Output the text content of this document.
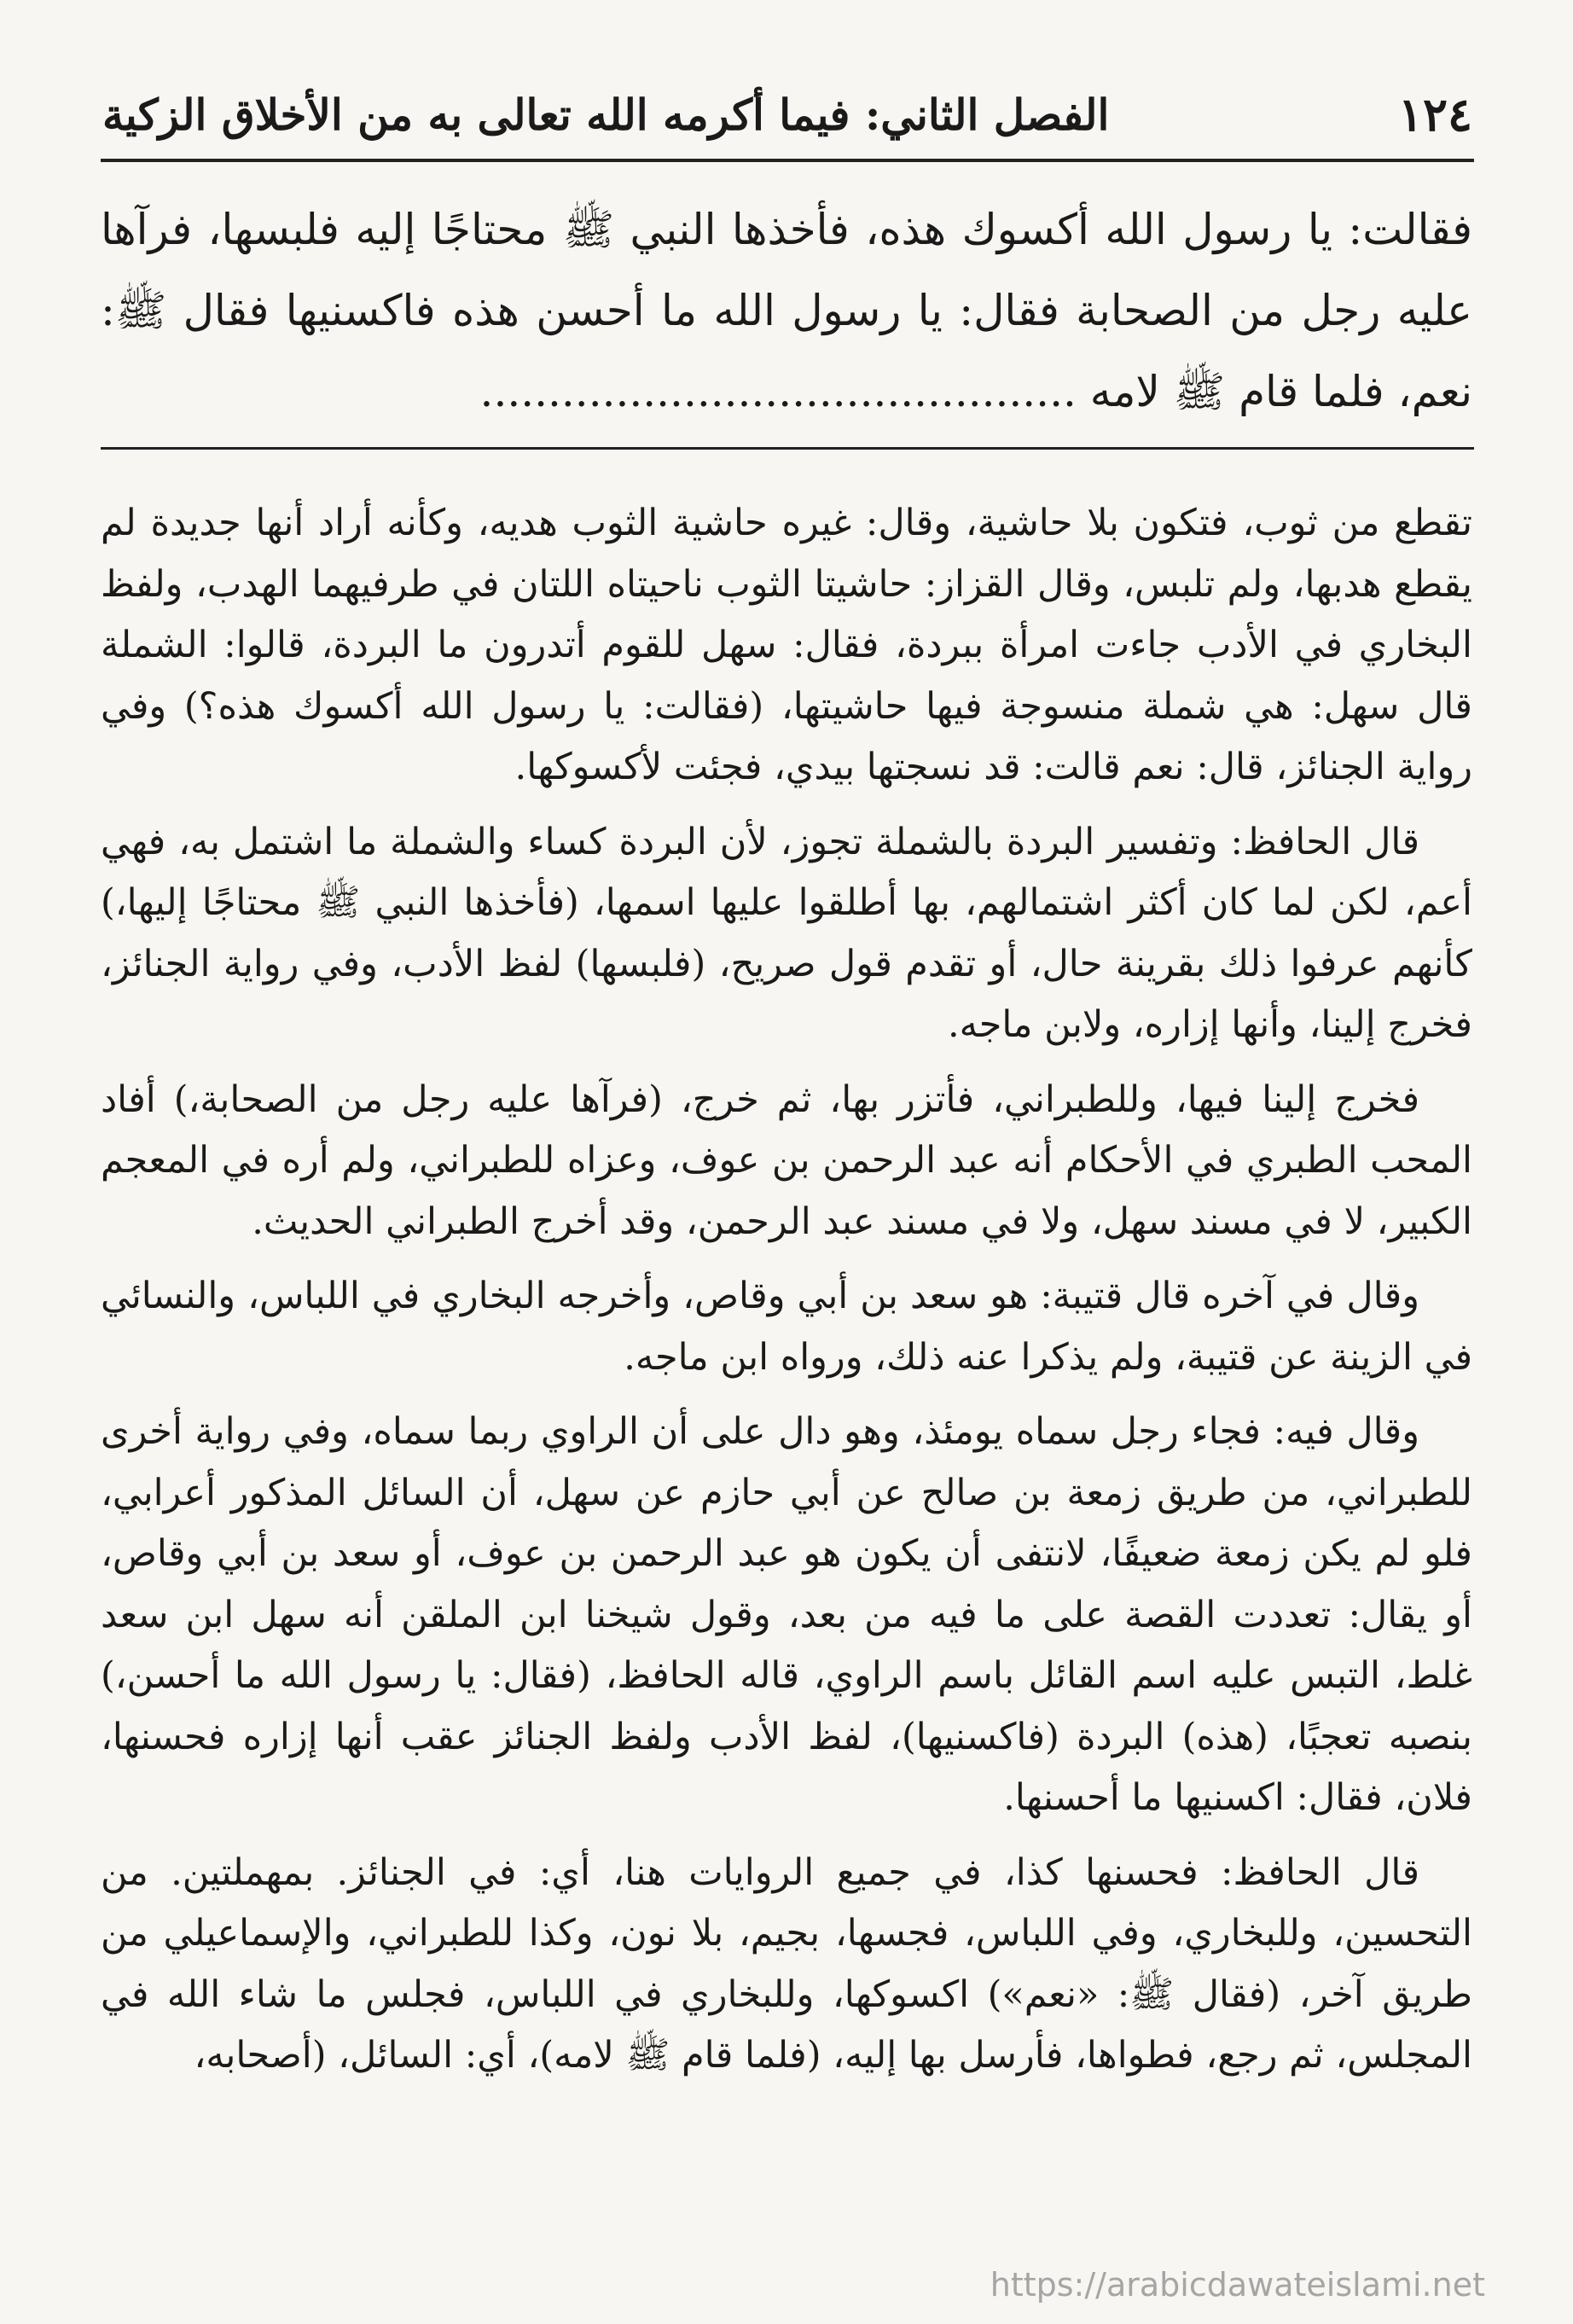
١٢٤
الفصل الثاني: فيما أكرمه الله تعالى به من الأخلاق الزكية

فقالت: يا رسول الله أكسوك هذه، فأخذها النبي ﷺ محتاجًا إليه فلبسها، فرآها عليه رجل من الصحابة فقال: يا رسول الله ما أحسن هذه فاكسنيها فقال ﷺ: نعم، فلما قام ﷺ لامه ............................................

تقطع من ثوب، فتكون بلا حاشية، وقال: غيره حاشية الثوب هديه، وكأنه أراد أنها جديدة لم يقطع هدبها، ولم تلبس، وقال القزاز: حاشيتا الثوب ناحيتاه اللتان في طرفيهما الهدب، ولفظ البخاري في الأدب جاءت امرأة ببردة، فقال: سهل للقوم أتدرون ما البردة، قالوا: الشملة قال سهل: هي شملة منسوجة فيها حاشيتها، (فقالت: يا رسول الله أكسوك هذه؟) وفي رواية الجنائز، قال: نعم قالت: قد نسجتها بيدي، فجئت لأكسوكها.

قال الحافظ: وتفسير البردة بالشملة تجوز، لأن البردة كساء والشملة ما اشتمل به، فهي أعم، لكن لما كان أكثر اشتمالهم، بها أطلقوا عليها اسمها، (فأخذها النبي ﷺ محتاجًا إليها،) كأنهم عرفوا ذلك بقرينة حال، أو تقدم قول صريح، (فلبسها) لفظ الأدب، وفي رواية الجنائز، فخرج إلينا، وأنها إزاره، ولابن ماجه.

فخرج إلينا فيها، وللطبراني، فأتزر بها، ثم خرج، (فرآها عليه رجل من الصحابة،) أفاد المحب الطبري في الأحكام أنه عبد الرحمن بن عوف، وعزاه للطبراني، ولم أره في المعجم الكبير، لا في مسند سهل، ولا في مسند عبد الرحمن، وقد أخرج الطبراني الحديث.

وقال في آخره قال قتيبة: هو سعد بن أبي وقاص، وأخرجه البخاري في اللباس، والنسائي في الزينة عن قتيبة، ولم يذكرا عنه ذلك، ورواه ابن ماجه.

وقال فيه: فجاء رجل سماه يومئذ، وهو دال على أن الراوي ربما سماه، وفي رواية أخرى للطبراني، من طريق زمعة بن صالح عن أبي حازم عن سهل، أن السائل المذكور أعرابي، فلو لم يكن زمعة ضعيفًا، لانتفى أن يكون هو عبد الرحمن بن عوف، أو سعد بن أبي وقاص، أو يقال: تعددت القصة على ما فيه من بعد، وقول شيخنا ابن الملقن أنه سهل ابن سعد غلط، التبس عليه اسم القائل باسم الراوي، قاله الحافظ، (فقال: يا رسول الله ما أحسن،) بنصبه تعجبًا، (هذه) البردة (فاكسنيها)، لفظ الأدب ولفظ الجنائز عقب أنها إزاره فحسنها، فلان، فقال: اكسنيها ما أحسنها.

قال الحافظ: فحسنها كذا، في جميع الروايات هنا، أي: في الجنائز. بمهملتين. من التحسين، وللبخاري، وفي اللباس، فجسها، بجيم، بلا نون، وكذا للطبراني، والإسماعيلي من طريق آخر، (فقال ﷺ: «نعم») اكسوكها، وللبخاري في اللباس، فجلس ما شاء الله في المجلس، ثم رجع، فطواها، فأرسل بها إليه، (فلما قام ﷺ لامه)، أي: السائل، (أصحابه،

https://arabicdawateislami.net
